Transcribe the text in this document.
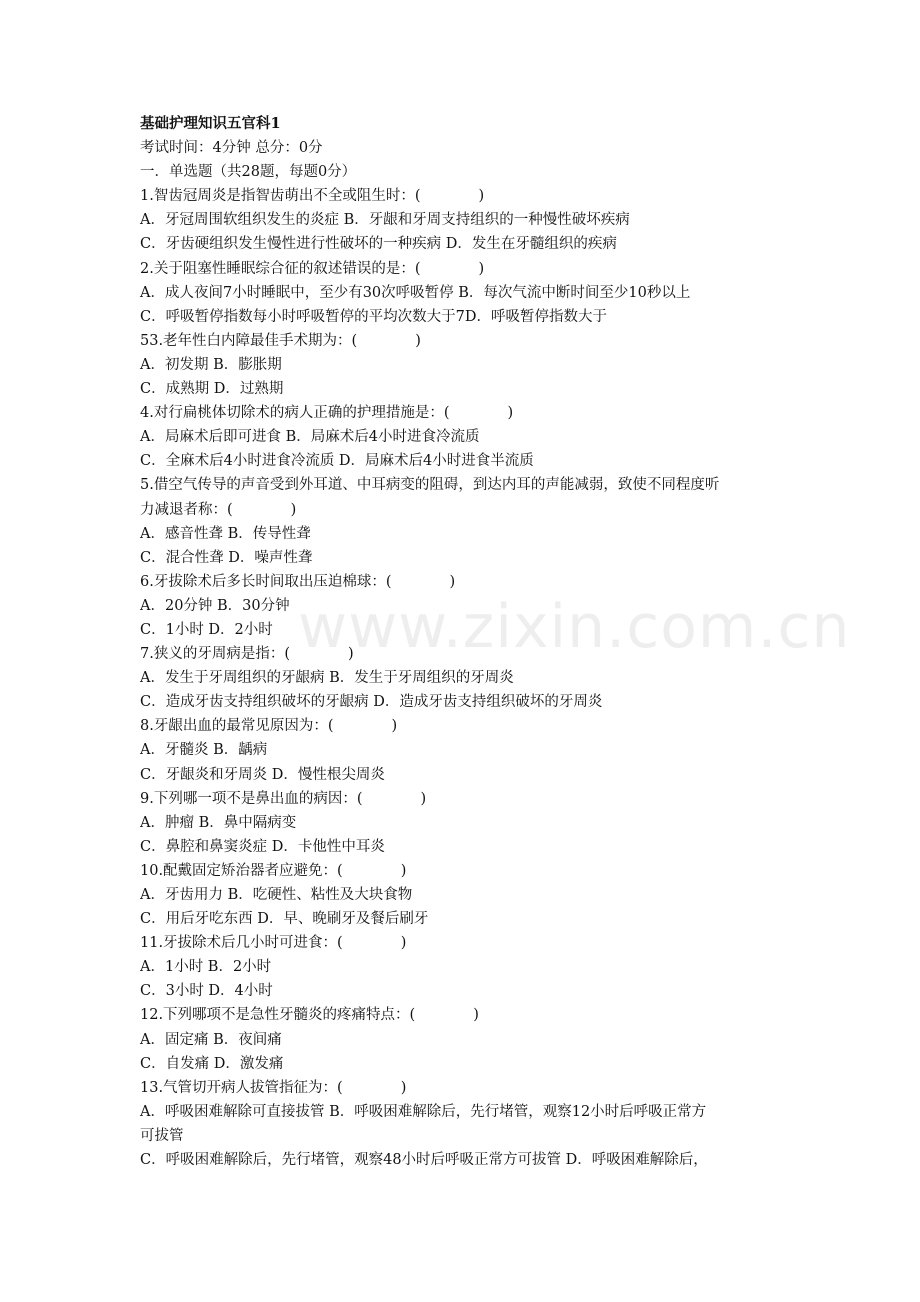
www.zixin.com.cn
基础护理知识五官科1
考试时间：4分钟 总分：0分
一．单选题（共28题，每题0分）
1.智齿冠周炎是指智齿萌出不全或阻生时：(　　　　)
A．牙冠周围软组织发生的炎症 B．牙龈和牙周支持组织的一种慢性破坏疾病
C．牙齿硬组织发生慢性进行性破坏的一种疾病 D．发生在牙髓组织的疾病
2.关于阻塞性睡眠综合征的叙述错误的是：(　　　　)
A．成人夜间7小时睡眠中，至少有30次呼吸暂停 B．每次气流中断时间至少10秒以上
C．呼吸暂停指数每小时呼吸暂停的平均次数大于7D．呼吸暂停指数大于
53.老年性白内障最佳手术期为：(　　　　)
A．初发期 B．膨胀期
C．成熟期 D．过熟期
4.对行扁桃体切除术的病人正确的护理措施是：(　　　　)
A．局麻术后即可进食 B．局麻术后4小时进食冷流质
C．全麻术后4小时进食冷流质 D．局麻术后4小时进食半流质
5.借空气传导的声音受到外耳道、中耳病变的阻碍，到达内耳的声能减弱，致使不同程度听
力减退者称：(　　　　)
A．感音性聋 B．传导性聋
C．混合性聋 D．噪声性聋
6.牙拔除术后多长时间取出压迫棉球：(　　　　)
A．20分钟 B．30分钟
C．1小时 D．2小时
7.狭义的牙周病是指：(　　　　)
A．发生于牙周组织的牙龈病 B．发生于牙周组织的牙周炎
C．造成牙齿支持组织破坏的牙龈病 D．造成牙齿支持组织破坏的牙周炎
8.牙龈出血的最常见原因为：(　　　　)
A．牙髓炎 B．龋病
C．牙龈炎和牙周炎 D．慢性根尖周炎
9.下列哪一项不是鼻出血的病因：(　　　　)
A．肿瘤 B．鼻中隔病变
C．鼻腔和鼻窦炎症 D．卡他性中耳炎
10.配戴固定矫治器者应避免：(　　　　)
A．牙齿用力 B．吃硬性、粘性及大块食物
C．用后牙吃东西 D．早、晚刷牙及餐后刷牙
11.牙拔除术后几小时可进食：(　　　　)
A．1小时 B．2小时
C．3小时 D．4小时
12.下列哪项不是急性牙髓炎的疼痛特点：(　　　　)
A．固定痛 B．夜间痛
C．自发痛 D．激发痛
13.气管切开病人拔管指征为：(　　　　)
A．呼吸困难解除可直接拔管 B．呼吸困难解除后，先行堵管，观察12小时后呼吸正常方
可拔管
C．呼吸困难解除后，先行堵管，观察48小时后呼吸正常方可拔管 D．呼吸困难解除后，
